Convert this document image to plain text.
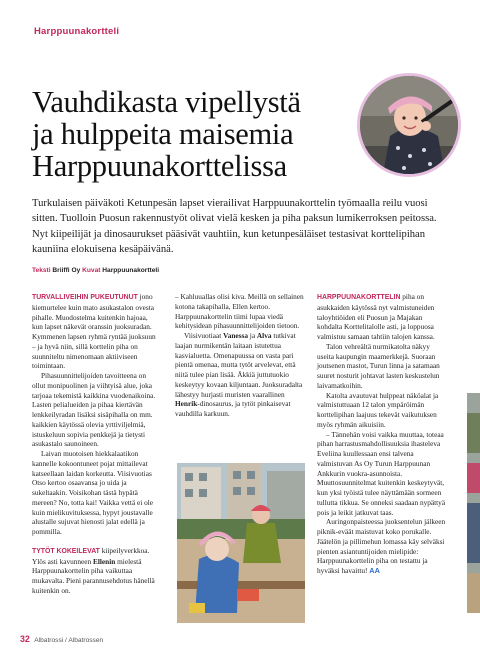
Harppuunakortteli
Vauhdikasta vipellystä
ja hulppeita maisemia
Harppuunakorttelissa

Turkulaisen päiväkoti Ketunpesän lapset vierailivat Harppuunakorttelin työmaalla reilu vuosi sitten. Tuolloin Puosun rakennustyöt olivat vielä kesken ja piha paksun lumikerroksen peitossa. Nyt kiipeilijät ja dinosaurukset pääsivät vauhtiin, kun ketunpesäläiset testasivat korttelipihan kauniina elokuisena kesäpäivänä.

Teksti Briiffi Oy Kuvat Harppuunakortteli

TURVALLIVEIHIN PUKEUTUNUT jono kiemurtelee kuin mato asukastalon ovesta pihalle. Muodostelma kuitenkin hajoaa, kun lapset näkevät oranssin juoksuradan. Kymmenen lapsen ryhmä ryntää juoksuun – ja hyvä niin, sillä korttelin piha on suunniteltu nimenomaan aktiiviseen toimintaan.

Pihasuunnittelijoiden tavoitteena on ollut monipuolinen ja viihtyisä alue, joka tarjoaa tekemistä kaikkina vuodenaikoina. Lasten pelialueiden ja pihaa kiertävän lenkkeilyradan lisäksi sisäpihalla on mm. kaikkien käytössä olevia yrttiviljelmiä, istuskeluun sopivia penkkejä ja tietysti asukastalo saunoineen.

Laivan muotoisen hiekkalaatikon kannelle kokoontuneet pojat mittailevat katseellaan laidan korkeutta. Viisivuotias Otso kertoo osaavansa jo uida ja sukeltaakin. Voisikohan tästä hypätä mereen? No, totta kai! Vaikka vettä ei ole kuin mielikuvituksessa, hypyt joustavalle alustalle sujuvat hienosti jalat edellä ja pommilla.

TYTÖT KOKEILEVAT kiipeilyverkkoa. Ylös asti kavunneen Ellenin mielestä Harppuunakorttelin piha vaikuttaa mukavalta. Pieni parannusehdotus hänellä kuitenkin on.

– Kahluuallas olisi kiva. Meillä on sellainen kotona takapihalla, Ellen kertoo. Harppuunakorttelin tiimi lupaa viedä kehitysidean pihasuunnittelijoiden tietoon.

Viisivuotiaat Vanessa ja Alva tutkivat laajan nurmikentän laitaan istutettua kasvialuetta. Omenapuussa on vasta pari pientä omenaa, mutta tytöt arvelevat, että niitä tulee pian lisää. Äkkiä juttutuokio keskeytyy kovaan kiljuntaan. Juoksuradalta lähestyy hurjasti muristen vaarallinen Henrik-dinosaurus, ja tytöt pinkaisevat vauhdilla karkuun.

HARPPUUNAKORTTELIN piha on asukkaiden käytössä nyt valmistuneiden taloyhtiöiden eli Puosun ja Majakan kohdalta Korttelitalolle asti, ja loppuosa valmistuu samaan tahtiin talojen kanssa.

Talon vehreältä nurmikatolta näkyy useita kaupungin maamerkkejä. Suoraan joutsenen mastot, Turun linna ja satamaan suuret nosturit johtavat lasten keskustelun laivamatkoihin.

Katolta avautuvat hulppeat näköalat ja valmistuttuaan 12 talon ympäröimän korttelipihan laajuus tekevät vaikutuksen myös ryhmän aikuisiin.

– Tännehän voisi vaikka muuttaa, toteaa pihan harrastusmahdollisuuksia ihasteleva Eveliina kuullessaan ensi talvena valmistuvan As Oy Turun Harppuunan Ankkurin vuokra-asunnoista. Muuttosuunnitelmat kuitenkin keskeytyvät, kun yksi työistä tulee näyttämään sormeen tullutta tikkua. Se onneksi saadaan nypättyä pois ja leikit jatkuvat taas.

Auringonpaisteessa juoksentelun jälkeen piknik-eväät maistuvat koko porukalle. Jäätelön ja pillimehun lomassa käy selväksi pienten asiantuntijoiden mielipide: Harppuunakorttelin piha on testattu ja hyväksi havaittu! AA

32 Albatrossi / Albatrossen
